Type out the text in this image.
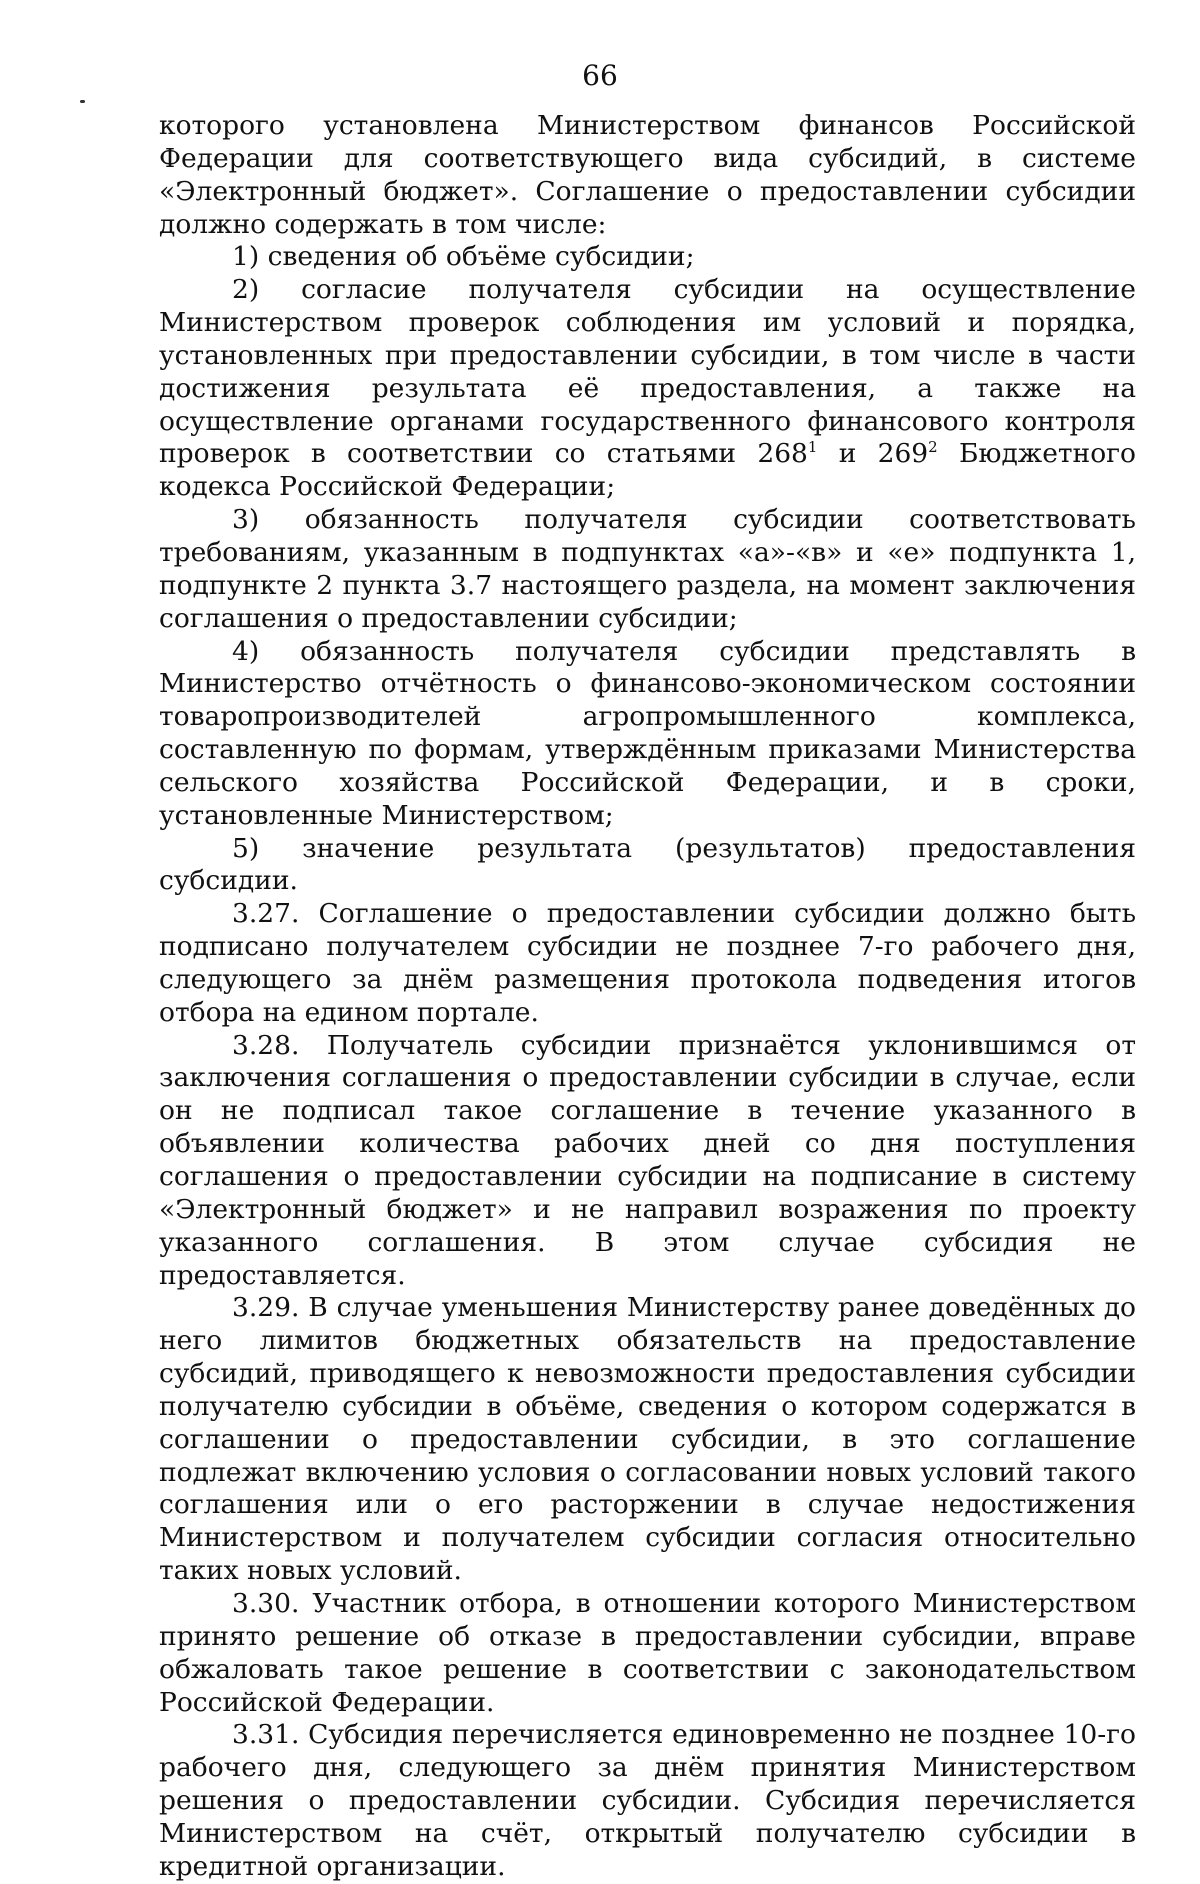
66

которого установлена Министерством финансов Российской Федерации для соответствующего вида субсидий, в системе «Электронный бюджет». Соглашение о предоставлении субсидии должно содержать в том числе:

1) сведения об объёме субсидии;

2) согласие получателя субсидии на осуществление Министерством проверок соблюдения им условий и порядка, установленных при предоставлении субсидии, в том числе в части достижения результата её предоставления, а также на осуществление органами государственного финансового контроля проверок в соответствии со статьями $268^1$ и $269^2$ Бюджетного кодекса Российской Федерации;

3) обязанность получателя субсидии соответствовать требованиям, указанным в подпунктах «а»-«в» и «е» подпункта 1, подпункте 2 пункта 3.7 настоящего раздела, на момент заключения соглашения о предоставлении субсидии;

4) обязанность получателя субсидии представлять в Министерство отчётность о финансово-экономическом состоянии товаропроизводителей агропромышленного комплекса, составленную по формам, утверждённым приказами Министерства сельского хозяйства Российской Федерации, и в сроки, установленные Министерством;

5) значение результата (результатов) предоставления субсидии.

3.27. Соглашение о предоставлении субсидии должно быть подписано получателем субсидии не позднее 7-го рабочего дня, следующего за днём размещения протокола подведения итогов отбора на едином портале.

3.28. Получатель субсидии признаётся уклонившимся от заключения соглашения о предоставлении субсидии в случае, если он не подписал такое соглашение в течение указанного в объявлении количества рабочих дней со дня поступления соглашения о предоставлении субсидии на подписание в систему «Электронный бюджет» и не направил возражения по проекту указанного соглашения. В этом случае субсидия не предоставляется.

3.29. В случае уменьшения Министерству ранее доведённых до него лимитов бюджетных обязательств на предоставление субсидий, приводящего к невозможности предоставления субсидии получателю субсидии в объёме, сведения о котором содержатся в соглашении о предоставлении субсидии, в это соглашение подлежат включению условия о согласовании новых условий такого соглашения или о его расторжении в случае недостижения Министерством и получателем субсидии согласия относительно таких новых условий.

3.30. Участник отбора, в отношении которого Министерством принято решение об отказе в предоставлении субсидии, вправе обжаловать такое решение в соответствии с законодательством Российской Федерации.

3.31. Субсидия перечисляется единовременно не позднее 10-го рабочего дня, следующего за днём принятия Министерством решения о предоставлении субсидии. Субсидия перечисляется Министерством на счёт, открытый получателю субсидии в кредитной организации.
